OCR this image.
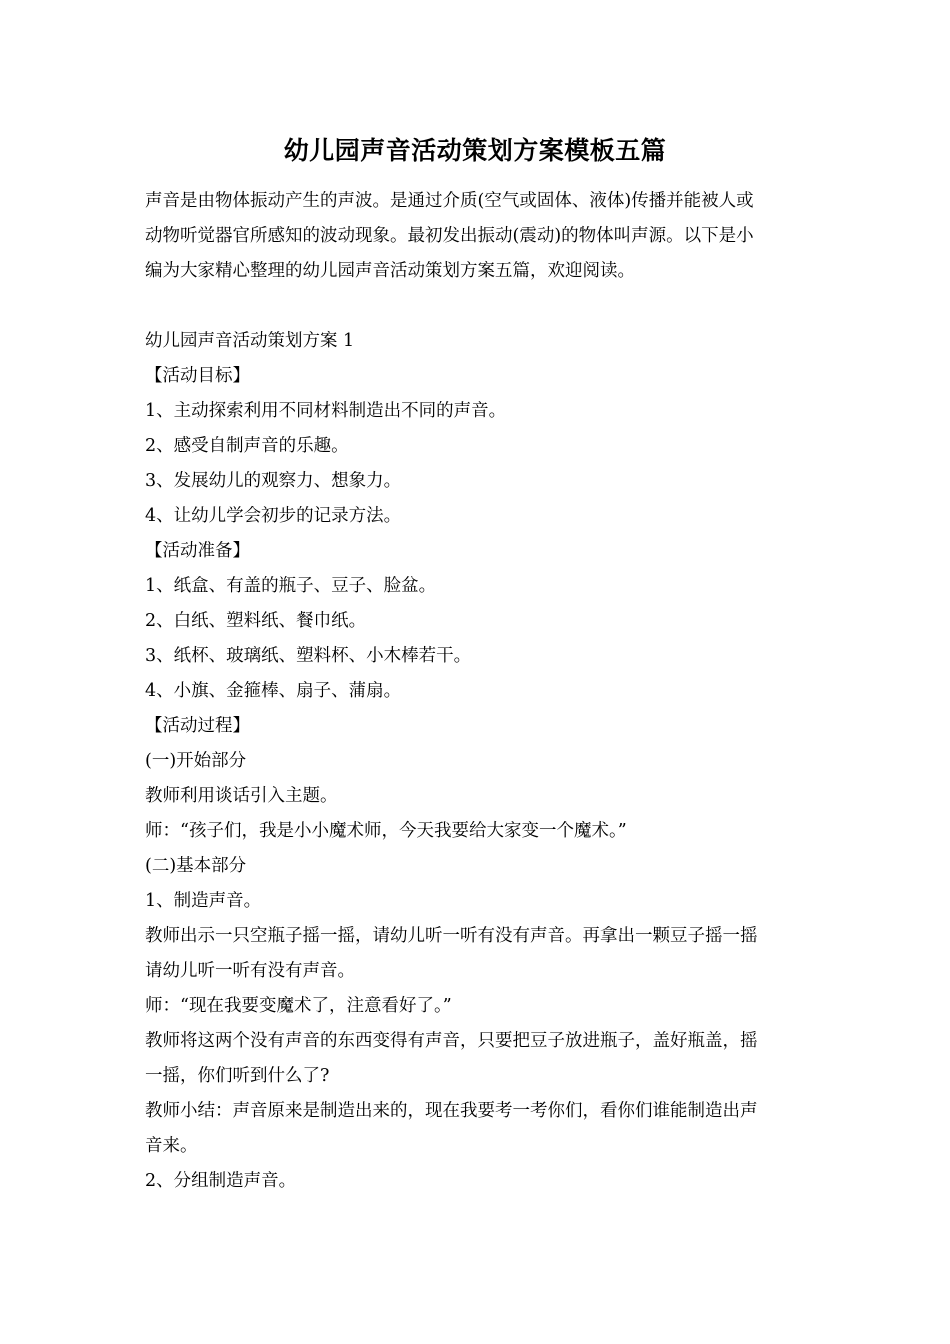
幼儿园声音活动策划方案模板五篇
声音是由物体振动产生的声波。是通过介质(空气或固体、液体)传播并能被人或
动物听觉器官所感知的波动现象。最初发出振动(震动)的物体叫声源。以下是小
编为大家精心整理的幼儿园声音活动策划方案五篇，欢迎阅读。
幼儿园声音活动策划方案 1
【活动目标】
1、主动探索利用不同材料制造出不同的声音。
2、感受自制声音的乐趣。
3、发展幼儿的观察力、想象力。
4、让幼儿学会初步的记录方法。
【活动准备】
1、纸盒、有盖的瓶子、豆子、脸盆。
2、白纸、塑料纸、餐巾纸。
3、纸杯、玻璃纸、塑料杯、小木棒若干。
4、小旗、金箍棒、扇子、蒲扇。
【活动过程】
(一)开始部分
教师利用谈话引入主题。
师：“孩子们，我是小小魔术师，今天我要给大家变一个魔术。”
(二)基本部分
1、制造声音。
教师出示一只空瓶子摇一摇，请幼儿听一听有没有声音。再拿出一颗豆子摇一摇
请幼儿听一听有没有声音。
师：“现在我要变魔术了，注意看好了。”
教师将这两个没有声音的东西变得有声音，只要把豆子放进瓶子，盖好瓶盖，摇
一摇，你们听到什么了?
教师小结：声音原来是制造出来的，现在我要考一考你们，看你们谁能制造出声
音来。
2、分组制造声音。
